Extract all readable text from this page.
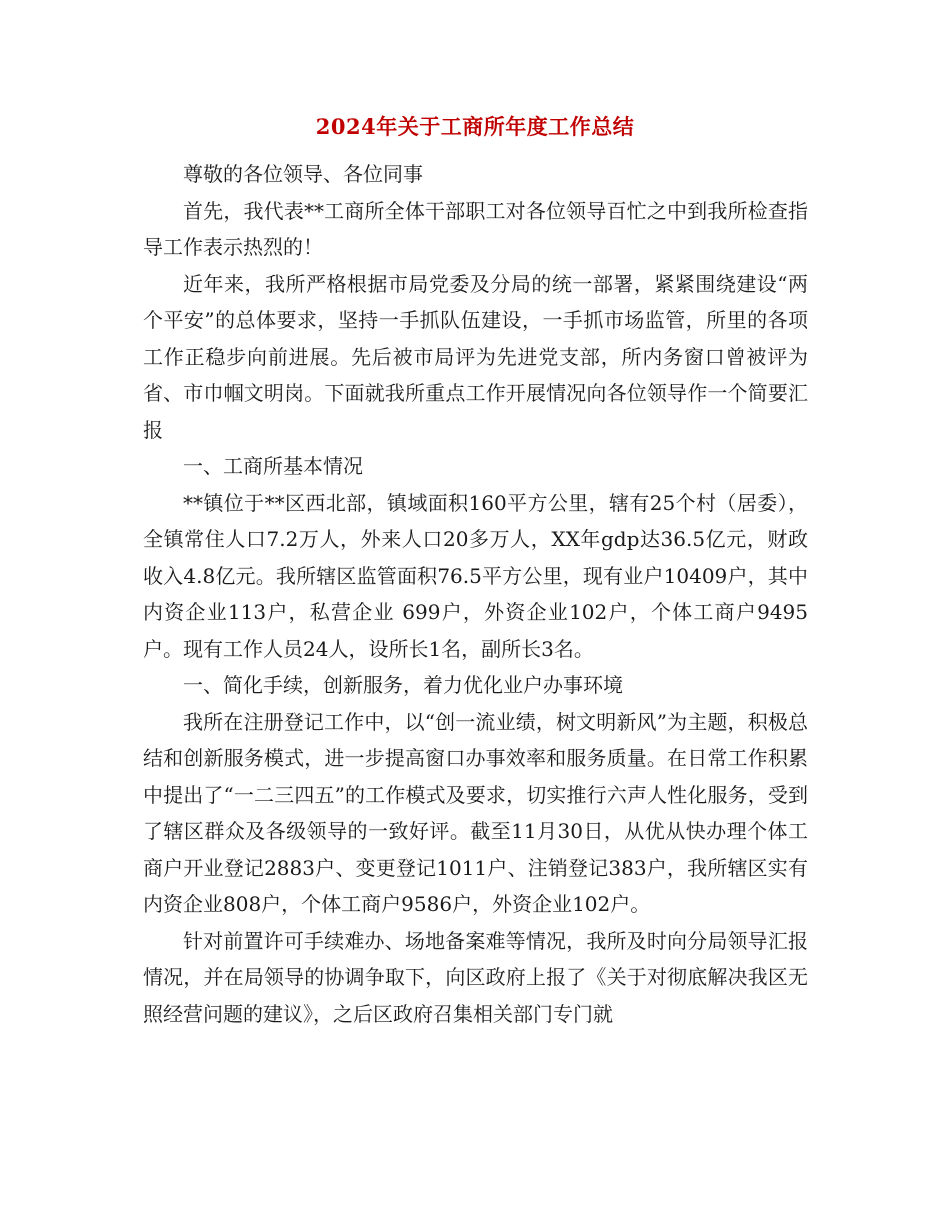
2024年关于工商所年度工作总结

尊敬的各位领导、各位同事

首先，我代表**工商所全体干部职工对各位领导百忙之中到我所检查指导工作表示热烈的！

近年来，我所严格根据市局党委及分局的统一部署，紧紧围绕建设“两个平安”的总体要求，坚持一手抓队伍建设，一手抓市场监管，所里的各项工作正稳步向前进展。先后被市局评为先进党支部，所内务窗口曾被评为省、市巾帼文明岗。下面就我所重点工作开展情况向各位领导作一个简要汇报

一、工商所基本情况

**镇位于**区西北部，镇域面积160平方公里，辖有25个村（居委），全镇常住人口7.2万人，外来人口20多万人，XX年gdp达36.5亿元，财政收入4.8亿元。我所辖区监管面积76.5平方公里，现有业户10409户，其中内资企业113户，私营企业 699户，外资企业102户，个体工商户9495户。现有工作人员24人，设所长1名，副所长3名。

一、简化手续，创新服务，着力优化业户办事环境

我所在注册登记工作中，以“创一流业绩，树文明新风”为主题，积极总结和创新服务模式，进一步提高窗口办事效率和服务质量。在日常工作积累中提出了“一二三四五”的工作模式及要求，切实推行六声人性化服务，受到了辖区群众及各级领导的一致好评。截至11月30日，从优从快办理个体工商户开业登记2883户、变更登记1011户、注销登记383户，我所辖区实有内资企业808户，个体工商户9586户，外资企业102户。

针对前置许可手续难办、场地备案难等情况，我所及时向分局领导汇报情况，并在局领导的协调争取下，向区政府上报了《关于对彻底解决我区无照经营问题的建议》，之后区政府召集相关部门专门就
